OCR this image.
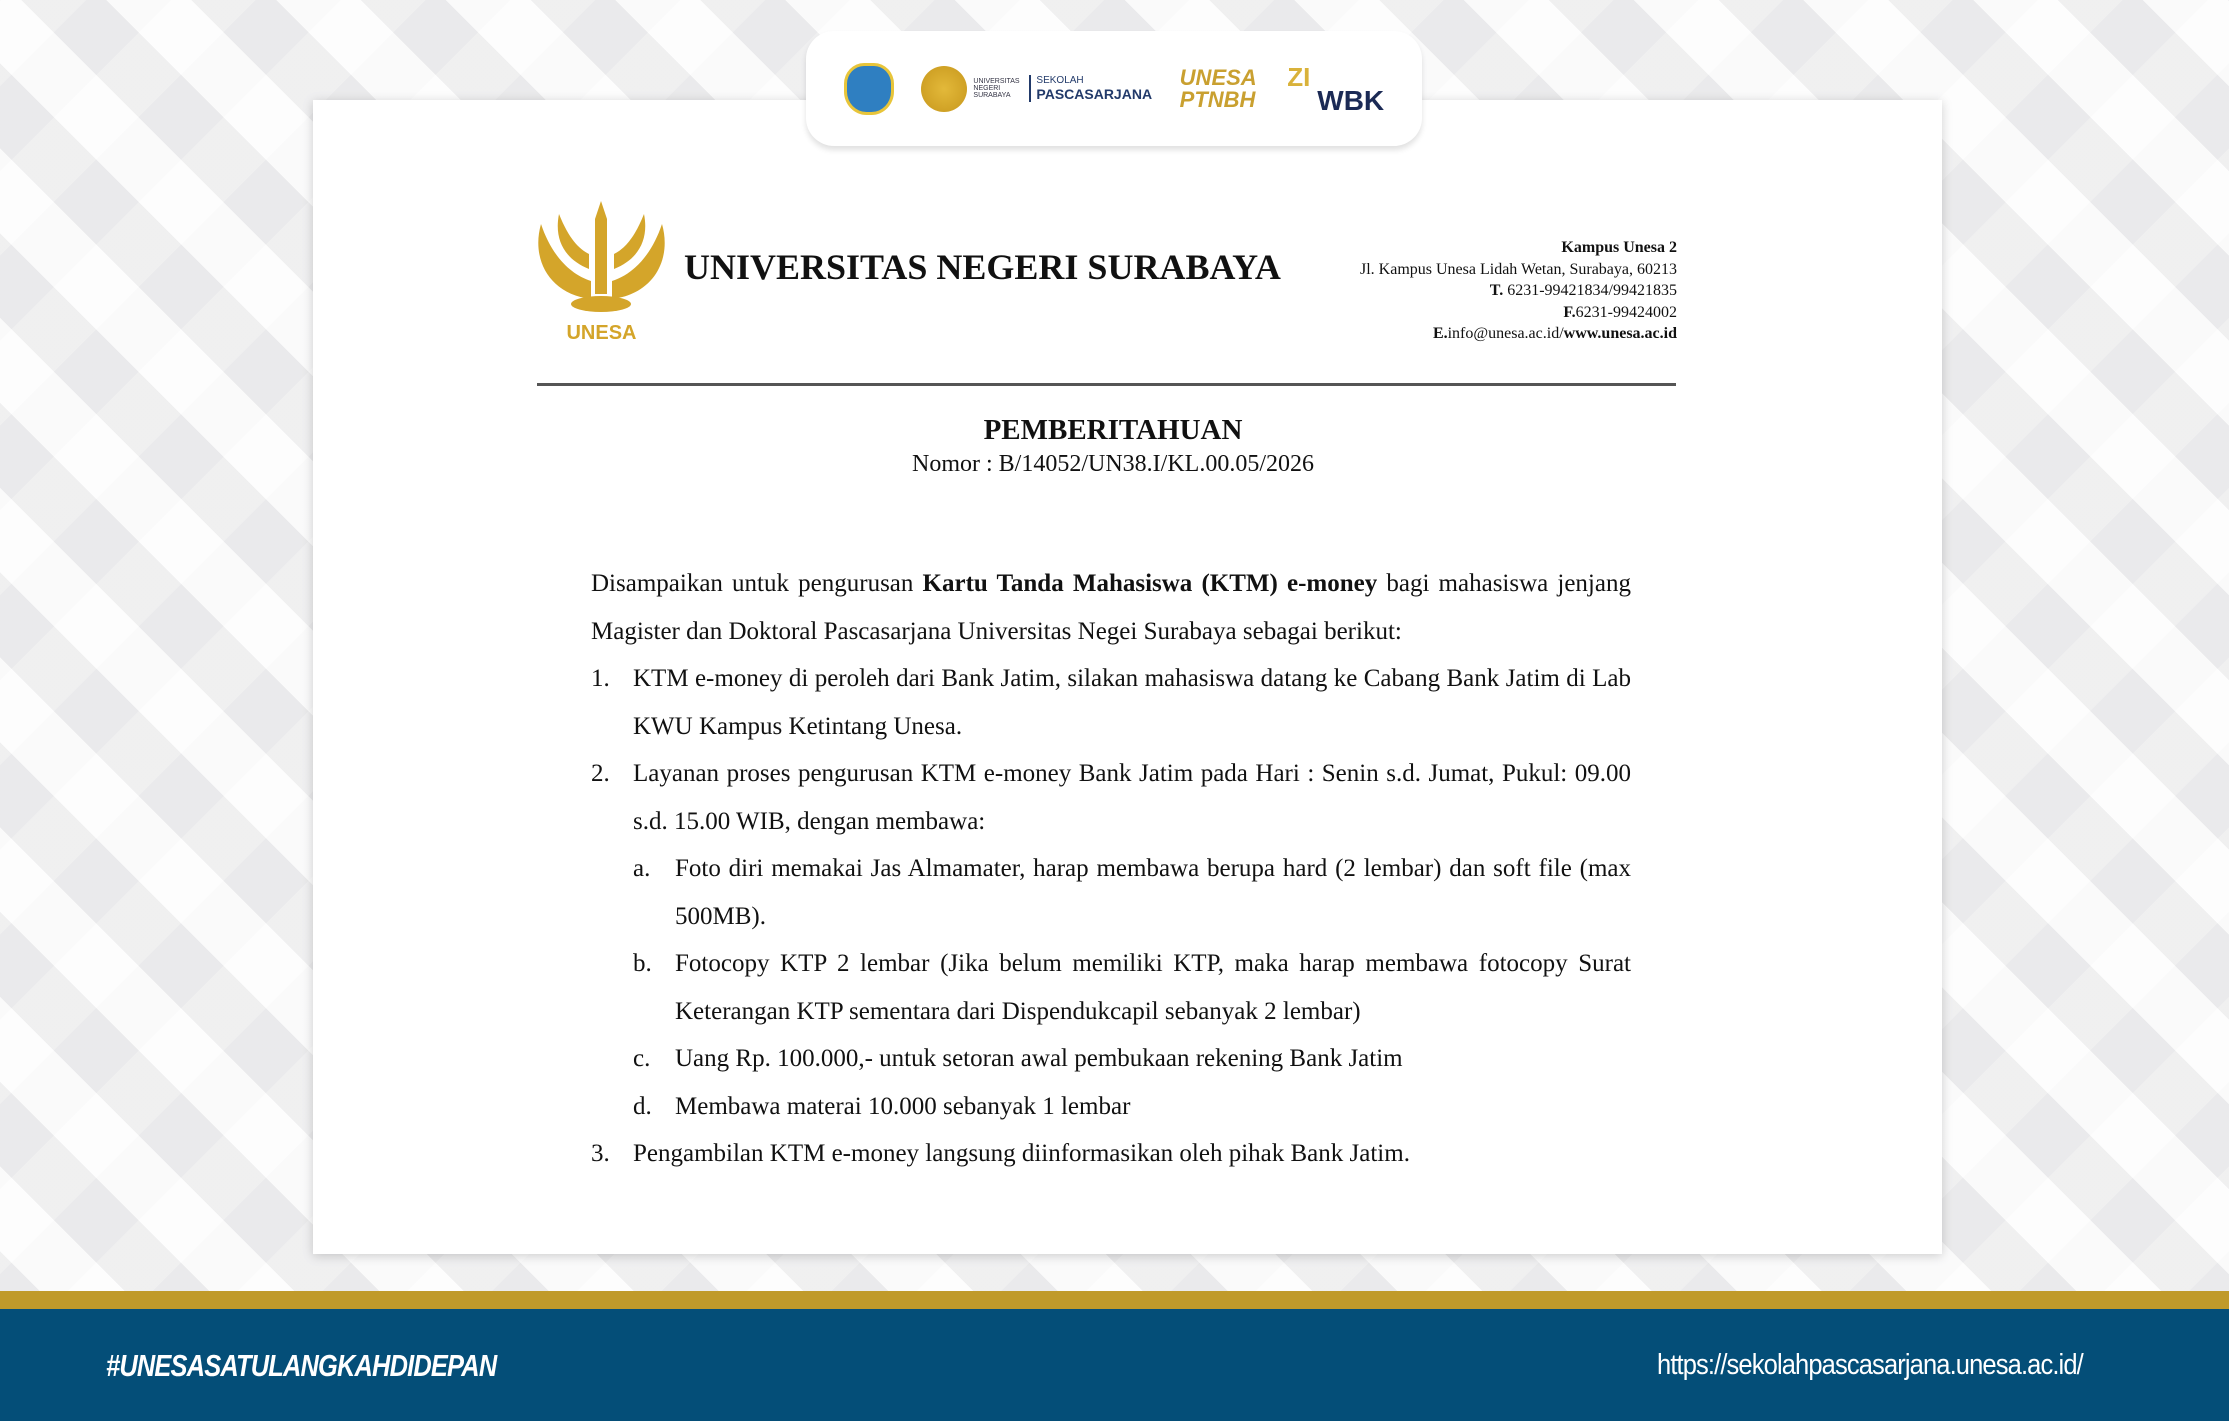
UNIVERSITAS NEGERI SURABAYA
SEKOLAH
PASCASARJANA
UNESA PTNBH
ZI
WBK
UNESA
UNIVERSITAS NEGERI SURABAYA	Kampus Unesa 2
Jl. Kampus Unesa Lidah Wetan, Surabaya, 60213
T. 6231-99421834/99421835
F.6231-99424002
E.info@unesa.ac.id/www.unesa.ac.id
PEMBERITAHUAN
Nomor : B/14052/UN38.I/KL.00.05/2026

Disampaikan untuk pengurusan Kartu Tanda Mahasiswa (KTM) e-money bagi mahasiswa jenjang Magister dan Doktoral Pascasarjana Universitas Negei Surabaya sebagai berikut:

1. KTM e-money di peroleh dari Bank Jatim, silakan mahasiswa datang ke Cabang Bank Jatim di Lab KWU Kampus Ketintang Unesa.
2. Layanan proses pengurusan KTM e-money Bank Jatim pada Hari : Senin s.d. Jumat, Pukul: 09.00 s.d. 15.00 WIB, dengan membawa:
a. Foto diri memakai Jas Almamater, harap membawa berupa hard (2 lembar) dan soft file (max 500MB).
b. Fotocopy KTP 2 lembar (Jika belum memiliki KTP, maka harap membawa fotocopy Surat Keterangan KTP sementara dari Dispendukcapil sebanyak 2 lembar)
c. Uang Rp. 100.000,- untuk setoran awal pembukaan rekening Bank Jatim
d. Membawa materai 10.000 sebanyak 1 lembar
3. Pengambilan KTM e-money langsung diinformasikan oleh pihak Bank Jatim.
#UNESASATULANGKAHDIDEPAN	https://sekolahpascasarjana.unesa.ac.id/
